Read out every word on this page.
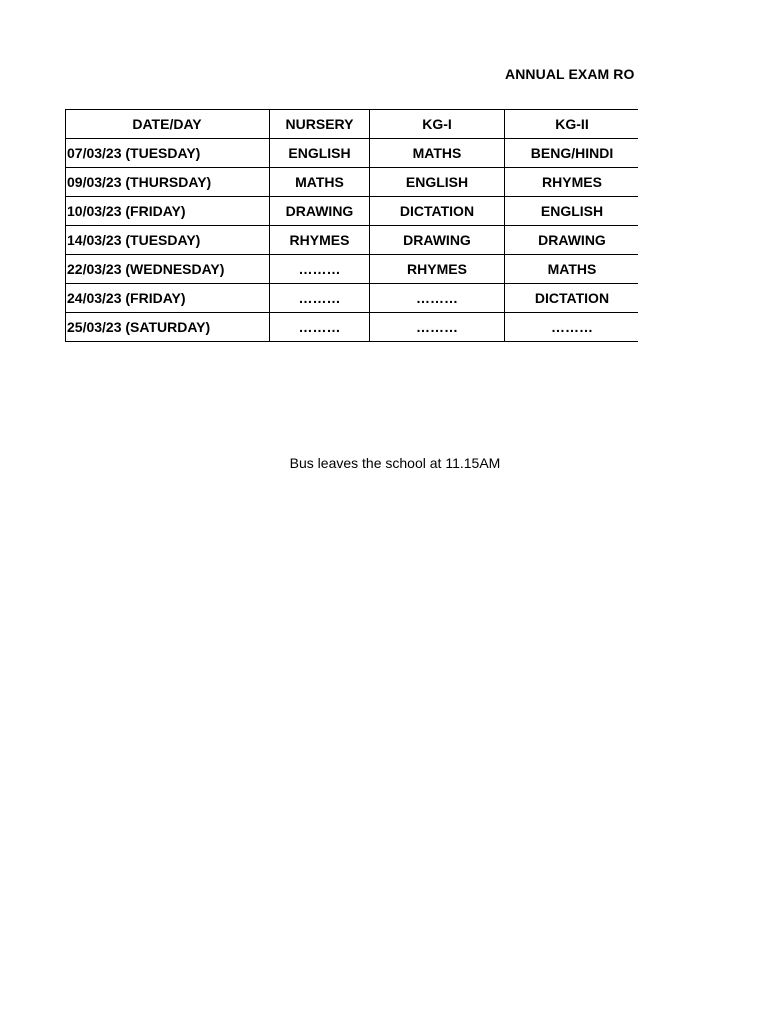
ANNUAL EXAM RO
DATE/DAY	NURSERY	KG-I	KG-II
07/03/23 (TUESDAY)	ENGLISH	MATHS	BENG/HINDI
09/03/23 (THURSDAY)	MATHS	ENGLISH	RHYMES
10/03/23 (FRIDAY)	DRAWING	DICTATION	ENGLISH
14/03/23 (TUESDAY)	RHYMES	DRAWING	DRAWING
22/03/23 (WEDNESDAY)	………	RHYMES	MATHS
24/03/23 (FRIDAY)	………	………	DICTATION
25/03/23 (SATURDAY)	………	………	………
Bus leaves the school at 11.15AM
